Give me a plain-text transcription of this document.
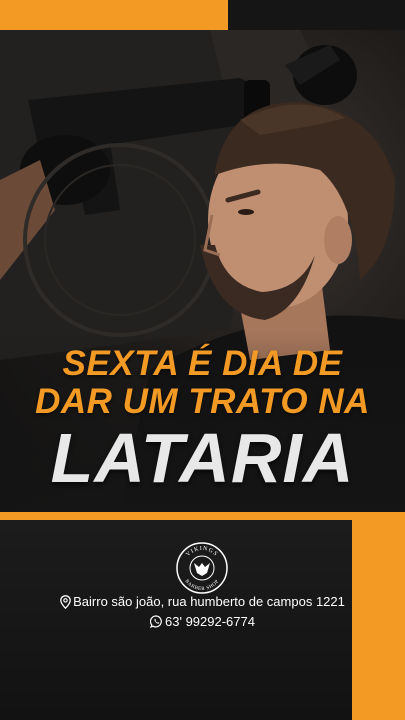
SEXTA É DIA DE
DAR UM TRATO NA
LATARIA
VIKINGS
BARBER SHOP
Bairro são joão, rua humberto de campos 1221
63' 99292-6774
